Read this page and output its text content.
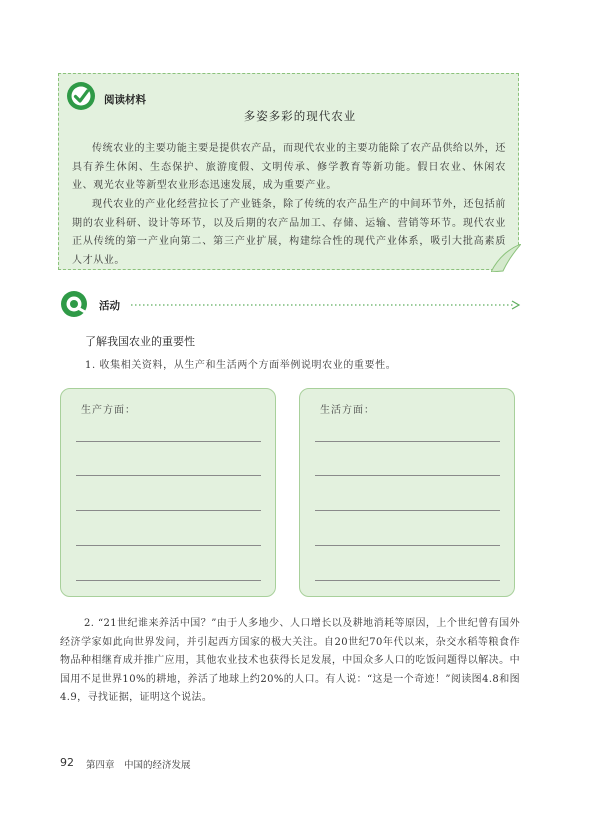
阅读材料
多姿多彩的现代农业

传统农业的主要功能主要是提供农产品，而现代农业的主要功能除了农产品供给以外，还具有养生休闲、生态保护、旅游度假、文明传承、修学教育等新功能。假日农业、休闲农业、观光农业等新型农业形态迅速发展，成为重要产业。

现代农业的产业化经营拉长了产业链条，除了传统的农产品生产的中间环节外，还包括前期的农业科研、设计等环节，以及后期的农产品加工、存储、运输、营销等环节。现代农业正从传统的第一产业向第二、第三产业扩展，构建综合性的现代产业体系，吸引大批高素质人才从业。

活动
了解我国农业的重要性
1. 收集相关资料，从生产和生活两个方面举例说明农业的重要性。
生产方面：	生活方面：

2. “21世纪谁来养活中国？”由于人多地少、人口增长以及耕地消耗等原因，上个世纪曾有国外经济学家如此向世界发问，并引起西方国家的极大关注。自20世纪70年代以来，杂交水稻等粮食作物品种相继育成并推广应用，其他农业技术也获得长足发展，中国众多人口的吃饭问题得以解决。中国用不足世界10%的耕地，养活了地球上约20%的人口。有人说：“这是一个奇迹！”阅读图4.8和图4.9，寻找证据，证明这个说法。

92 第四章　中国的经济发展
